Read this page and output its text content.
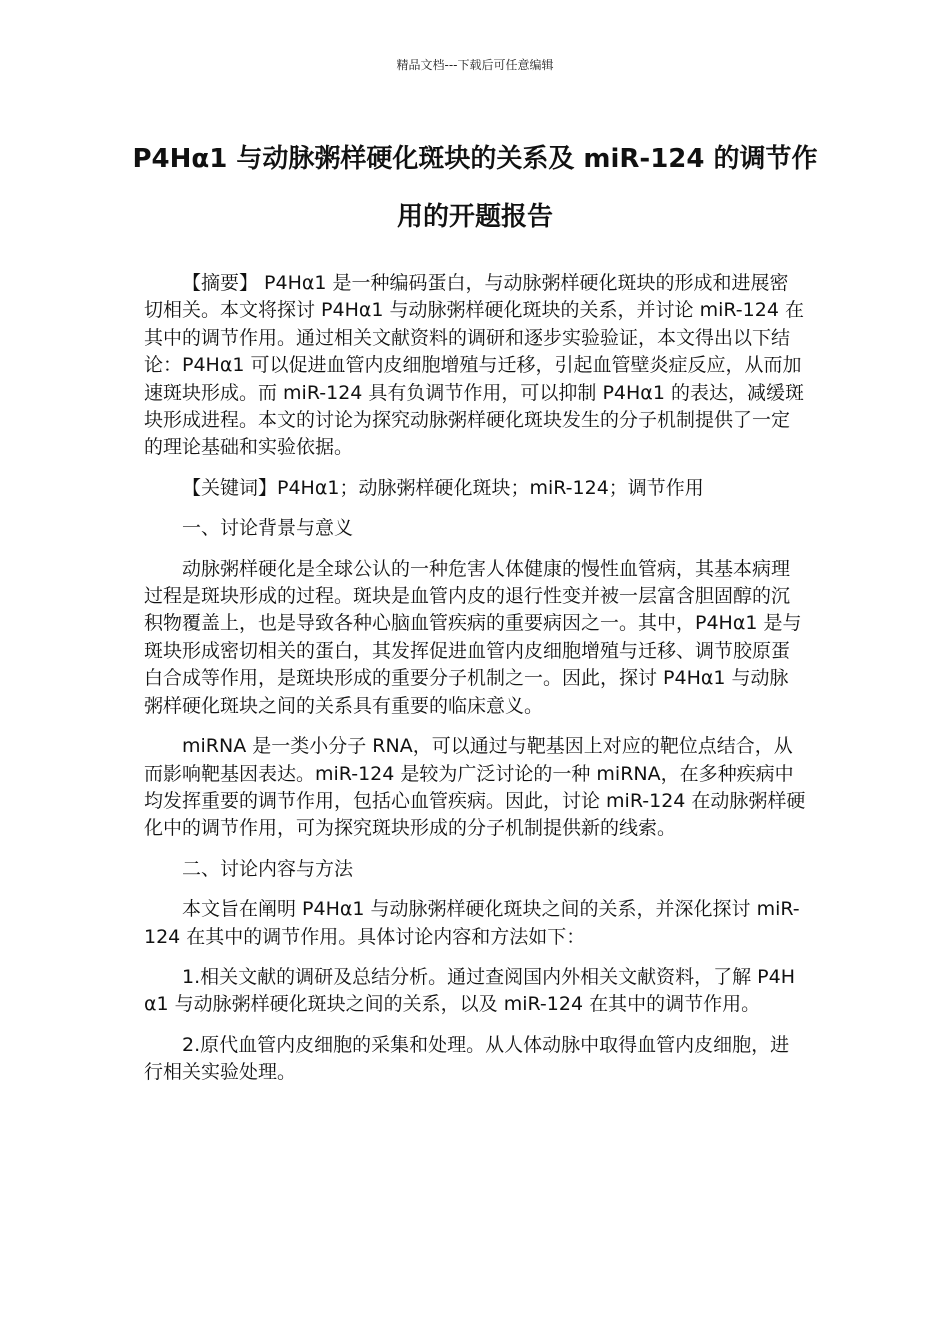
精品文档---下载后可任意编辑
P4Hα1 与动脉粥样硬化斑块的关系及 miR-124 的调节作用的开题报告

【摘要】 P4Hα1 是一种编码蛋白，与动脉粥样硬化斑块的形成和进展密切相关。本文将探讨 P4Hα1 与动脉粥样硬化斑块的关系，并讨论 miR-124 在其中的调节作用。通过相关文献资料的调研和逐步实验验证，本文得出以下结论：P4Hα1 可以促进血管内皮细胞增殖与迁移，引起血管壁炎症反应，从而加速斑块形成。而 miR-124 具有负调节作用，可以抑制 P4Hα1 的表达，减缓斑块形成进程。本文的讨论为探究动脉粥样硬化斑块发生的分子机制提供了一定的理论基础和实验依据。

【关键词】P4Hα1；动脉粥样硬化斑块；miR-124；调节作用

一、讨论背景与意义

动脉粥样硬化是全球公认的一种危害人体健康的慢性血管病，其基本病理过程是斑块形成的过程。斑块是血管内皮的退行性变并被一层富含胆固醇的沉积物覆盖上，也是导致各种心脑血管疾病的重要病因之一。其中，P4Hα1 是与斑块形成密切相关的蛋白，其发挥促进血管内皮细胞增殖与迁移、调节胶原蛋白合成等作用，是斑块形成的重要分子机制之一。因此，探讨 P4Hα1 与动脉粥样硬化斑块之间的关系具有重要的临床意义。

miRNA 是一类小分子 RNA，可以通过与靶基因上对应的靶位点结合，从而影响靶基因表达。miR-124 是较为广泛讨论的一种 miRNA，在多种疾病中均发挥重要的调节作用，包括心血管疾病。因此，讨论 miR-124 在动脉粥样硬化中的调节作用，可为探究斑块形成的分子机制提供新的线索。

二、讨论内容与方法

本文旨在阐明 P4Hα1 与动脉粥样硬化斑块之间的关系，并深化探讨 miR-124 在其中的调节作用。具体讨论内容和方法如下：

1.相关文献的调研及总结分析。通过查阅国内外相关文献资料，了解 P4Hα1 与动脉粥样硬化斑块之间的关系，以及 miR-124 在其中的调节作用。

2.原代血管内皮细胞的采集和处理。从人体动脉中取得血管内皮细胞，进行相关实验处理。
